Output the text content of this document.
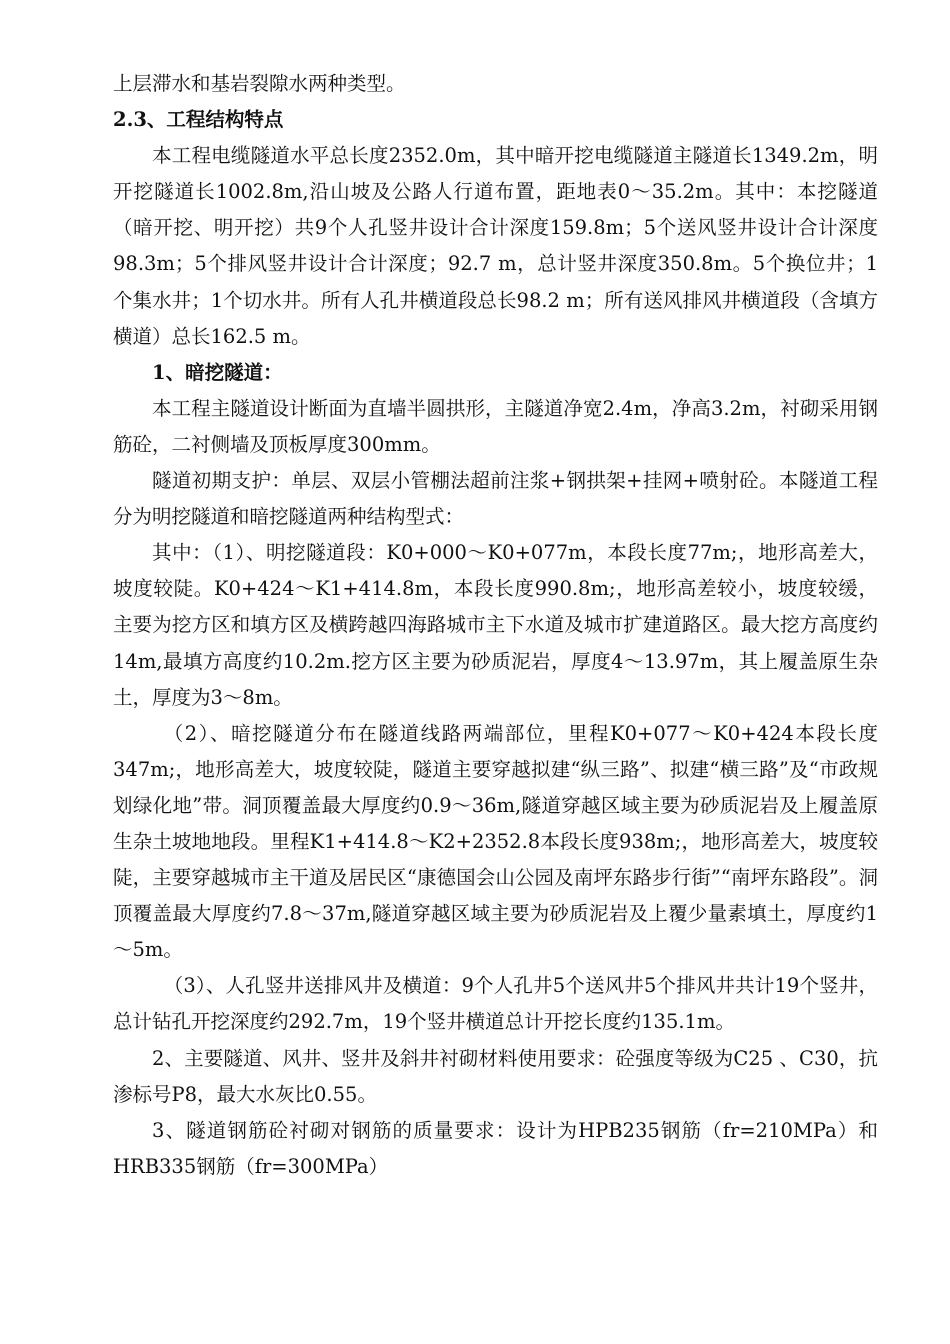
上层滞水和基岩裂隙水两种类型。

2.3、工程结构特点

本工程电缆隧道水平总长度2352.0m，其中暗开挖电缆隧道主隧道长1349.2m，明开挖隧道长1002.8m,沿山坡及公路人行道布置，距地表0～35.2m。其中：本挖隧道（暗开挖、明开挖）共9个人孔竖井设计合计深度159.8m；5个送风竖井设计合计深度98.3m；5个排风竖井设计合计深度；92.7 m，总计竖井深度350.8m。5个换位井；1个集水井；1个切水井。所有人孔井横道段总长98.2 m；所有送风排风井横道段（含填方横道）总长162.5 m。

1、暗挖隧道：

本工程主隧道设计断面为直墙半圆拱形，主隧道净宽2.4m，净高3.2m，衬砌采用钢筋砼，二衬侧墙及顶板厚度300mm。

隧道初期支护：单层、双层小管棚法超前注浆+钢拱架+挂网+喷射砼。本隧道工程分为明挖隧道和暗挖隧道两种结构型式：

其中：（1）、明挖隧道段：K0+000～K0+077m，本段长度77m;，地形高差大，坡度较陡。K0+424～K1+414.8m，本段长度990.8m;，地形高差较小，坡度较缓，主要为挖方区和填方区及横跨越四海路城市主下水道及城市扩建道路区。最大挖方高度约14m,最填方高度约10.2m.挖方区主要为砂质泥岩，厚度4～13.97m，其上履盖原生杂土，厚度为3～8m。

（2）、暗挖隧道分布在隧道线路两端部位，里程K0+077～K0+424本段长度347m;，地形高差大，坡度较陡，隧道主要穿越拟建“纵三路”、拟建“横三路”及“市政规划绿化地”带。洞顶覆盖最大厚度约0.9～36m,隧道穿越区域主要为砂质泥岩及上履盖原生杂土坡地地段。里程K1+414.8～K2+2352.8本段长度938m;，地形高差大，坡度较陡，主要穿越城市主干道及居民区“康德国会山公园及南坪东路步行街”“南坪东路段”。洞顶覆盖最大厚度约7.8～37m,隧道穿越区域主要为砂质泥岩及上覆少量素填土，厚度约1～5m。

（3）、人孔竖井送排风井及横道：9个人孔井5个送风井5个排风井共计19个竖井，总计钻孔开挖深度约292.7m，19个竖井横道总计开挖长度约135.1m。

2、主要隧道、风井、竖井及斜井衬砌材料使用要求：砼强度等级为C25 、C30，抗渗标号P8，最大水灰比0.55。

3、隧道钢筋砼衬砌对钢筋的质量要求：设计为HPB235钢筋（fr=210MPa）和HRB335钢筋（fr=300MPa）
